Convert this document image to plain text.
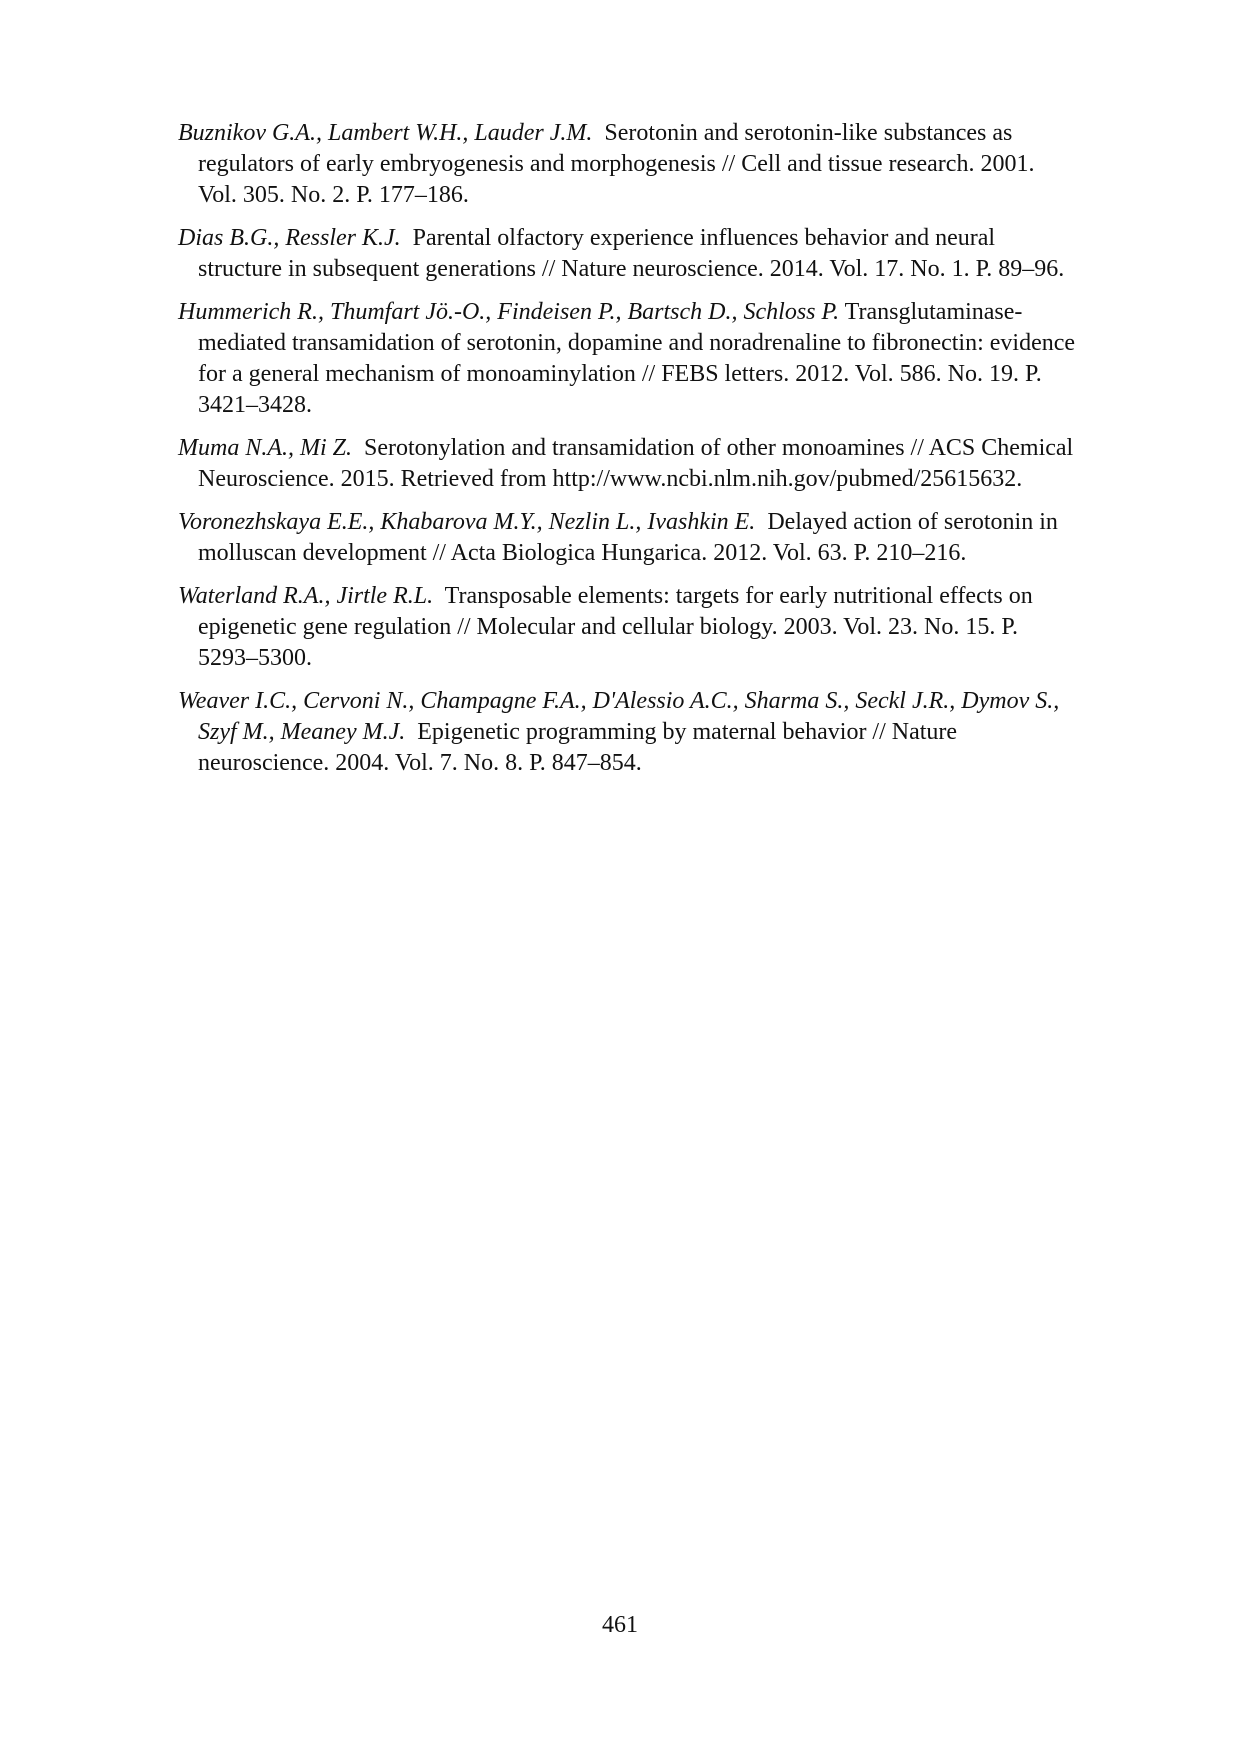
Buznikov G.A., Lambert W.H., Lauder J.M. Serotonin and serotonin-like substances as regulators of early embryogenesis and morphogenesis // Cell and tissue research. 2001. Vol. 305. No. 2. P. 177–186.
Dias B.G., Ressler K.J. Parental olfactory experience influences behavior and neural structure in subsequent generations // Nature neuroscience. 2014. Vol. 17. No. 1. P. 89–96.
Hummerich R., Thumfart Jö.-O., Findeisen P., Bartsch D., Schloss P. Transglutaminase-mediated transamidation of serotonin, dopamine and noradrenaline to fibronectin: evidence for a general mechanism of monoaminylation // FEBS letters. 2012. Vol. 586. No. 19. P. 3421–3428.
Muma N.A., Mi Z. Serotonylation and transamidation of other monoamines // ACS Chemical Neuroscience. 2015. Retrieved from http://www.ncbi.nlm.nih.gov/pubmed/25615632.
Voronezhskaya E.E., Khabarova M.Y., Nezlin L., Ivashkin E. Delayed action of serotonin in molluscan development // Acta Biologica Hungarica. 2012. Vol. 63. P. 210–216.
Waterland R.A., Jirtle R.L. Transposable elements: targets for early nutritional effects on epigenetic gene regulation // Molecular and cellular biology. 2003. Vol. 23. No. 15. P. 5293–5300.
Weaver I.C., Cervoni N., Champagne F.A., D'Alessio A.C., Sharma S., Seckl J.R., Dymov S., Szyf M., Meaney M.J. Epigenetic programming by maternal behavior // Nature neuroscience. 2004. Vol. 7. No. 8. P. 847–854.
461
